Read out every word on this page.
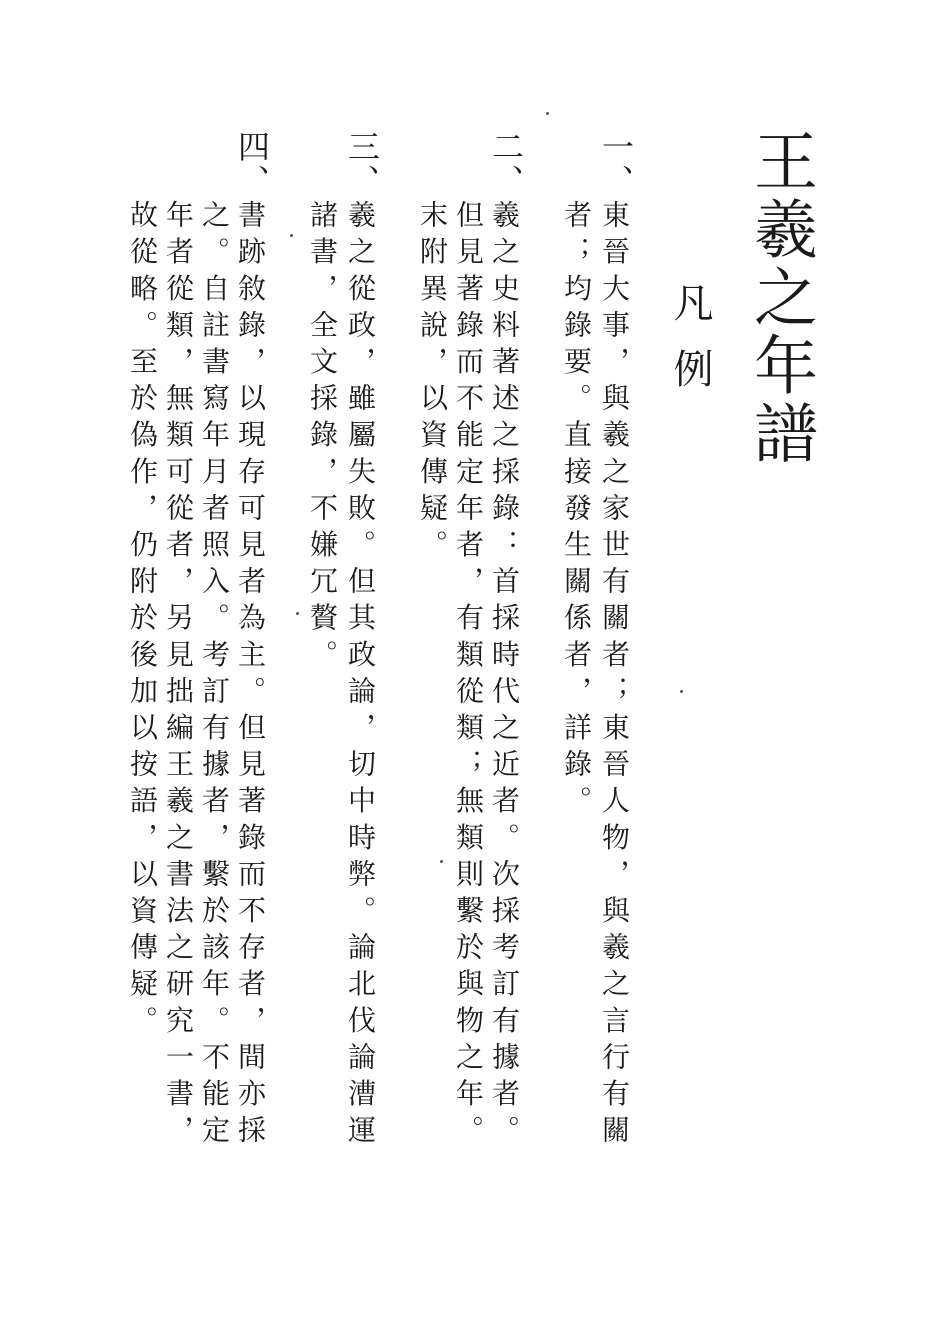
王羲之年譜
凡例
一、
東晉大事，與羲之家世有關者；東晉人物，與羲之言行有關
者；均錄要。直接發生關係者，詳錄。
二、
羲之史料著述之採錄：首採時代之近者。次採考訂有據者。
但見著錄而不能定年者，有類從類；無類則繫於與物之年。
末附異說，以資傳疑。
三、
羲之從政，雖屬失敗。但其政論，切中時弊。論北伐論漕運
諸書，全文採錄，不嫌冗贅。
四、
書跡敘錄，以現存可見者為主。但見著錄而不存者，間亦採
之。自註書寫年月者照入。考訂有據者，繫於該年。不能定
年者從類，無類可從者，另見拙編王羲之書法之研究一書，
故從略。至於偽作，仍附於後加以按語，以資傳疑。
